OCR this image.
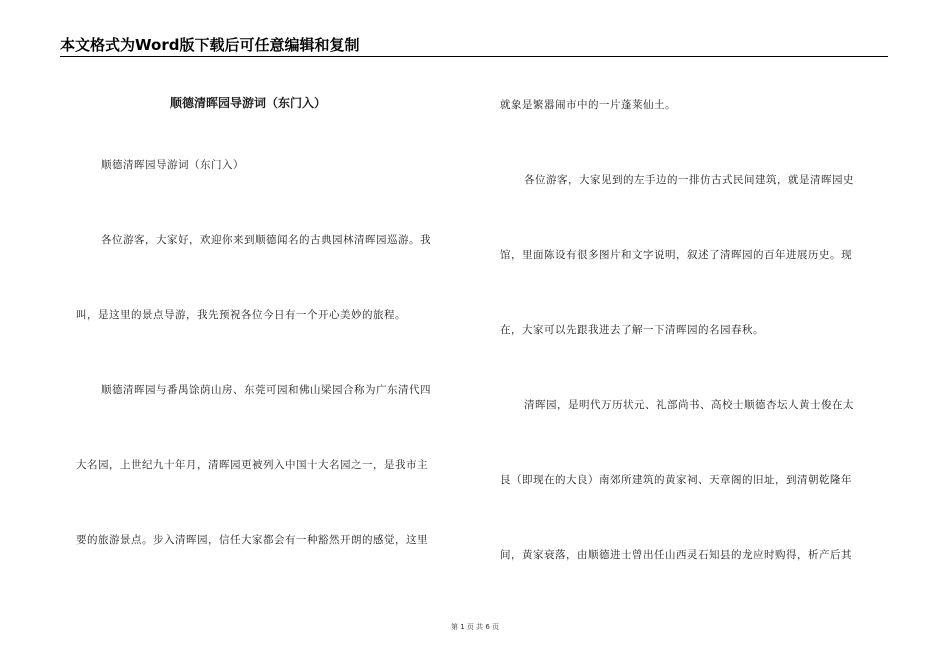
本文格式为Word版下载后可任意编辑和复制
顺德清晖园导游词（东门入）
顺德清晖园导游词（东门入）
各位游客，大家好，欢迎你来到顺德闻名的古典园林清晖园巡游。我
叫，是这里的景点导游，我先预祝各位今日有一个开心美妙的旅程。
顺德清晖园与番禺馀荫山房、东莞可园和佛山梁园合称为广东清代四
大名园，上世纪九十年月，清晖园更被列入中国十大名园之一，是我市主
要的旅游景点。步入清晖园，信任大家都会有一种豁然开朗的感觉，这里
就象是繁嚣闹市中的一片蓬莱仙土。
各位游客，大家见到的左手边的一排仿古式民间建筑，就是清晖园史
馆，里面陈设有很多图片和文字说明，叙述了清晖园的百年进展历史。现
在，大家可以先跟我进去了解一下清晖园的名园春秋。
清晖园，是明代万历状元、礼部尚书、高校士顺德杏坛人黄士俊在太
艮（即现在的大良）南郊所建筑的黄家祠、天章阁的旧址，到清朝乾隆年
间，黄家衰落，由顺德进士曾出任山西灵石知县的龙应时购得，析产后其
第 1 页 共 6 页
